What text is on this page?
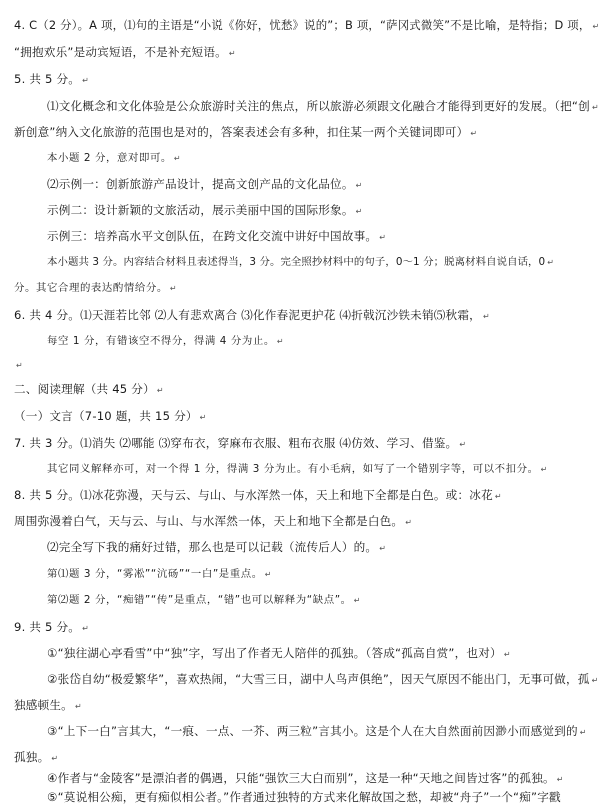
4. C（2 分）。A 项，⑴句的主语是“小说《你好，忧愁》说的”；B 项，“萨冈式微笑”不是比喻，是特指；D 项， ↵
“拥抱欢乐”是动宾短语，不是补充短语。 ↵
5. 共 5 分。 ↵
⑴文化概念和文化体验是公众旅游时关注的焦点，所以旅游必须跟文化融合才能得到更好的发展。（把“创 ↵
新创意”纳入文化旅游的范围也是对的，答案表述会有多种，扣住某一两个关键词即可） ↵
本小题 2 分，意对即可。 ↵
⑵示例一：创新旅游产品设计，提高文创产品的文化品位。 ↵
示例二：设计新颖的文旅活动，展示美丽中国的国际形象。 ↵
示例三：培养高水平文创队伍，在跨文化交流中讲好中国故事。 ↵
本小题共 3 分。内容结合材料且表述得当，3 分。完全照抄材料中的句子，0～1 分；脱离材料自说自话，0 ↵
分。其它合理的表达酌情给分。 ↵
6. 共 4 分。⑴天涯若比邻 ⑵人有悲欢离合 ⑶化作春泥更护花 ⑷折戟沉沙铁未销⑸秋霜， ↵
每空 1 分，有错该空不得分，得满 4 分为止。 ↵
↵
二、阅读理解（共 45 分） ↵
（一）文言（7-10 题，共 15 分） ↵
7. 共 3 分。⑴消失 ⑵哪能 ⑶穿布衣，穿麻布衣服、粗布衣服 ⑷仿效、学习、借鉴。 ↵
其它同义解释亦可，对一个得 1 分，得满 3 分为止。有小毛病，如写了一个错别字等，可以不扣分。 ↵
8. 共 5 分。⑴冰花弥漫，天与云、与山、与水浑然一体，天上和地下全都是白色。或：冰花 ↵
周围弥漫着白气，天与云、与山、与水浑然一体，天上和地下全都是白色。 ↵
⑵完全写下我的痛好过错，那么也是可以记载（流传后人）的。 ↵
第⑴题 3 分，“雾凇”“沆砀”“一白”是重点。 ↵
第⑵题 2 分，“痴错”“传”是重点，“错”也可以解释为“缺点”。 ↵
9. 共 5 分。 ↵
①“独往湖心亭看雪”中“独”字，写出了作者无人陪伴的孤独。（答成“孤高自赏”，也对） ↵
②张岱自幼“极爱繁华”，喜欢热闹，“大雪三日，湖中人鸟声俱绝”，因天气原因不能出门，无事可做，孤 ↵
独感顿生。 ↵
③“上下一白”言其大，“一痕、一点、一芥、两三粒”言其小。这是个人在大自然面前因渺小而感觉到的 ↵
孤独。 ↵
④作者与“金陵客”是漂泊者的偶遇，只能“强饮三大白而别”，这是一种“天地之间皆过客”的孤独。 ↵
⑤“莫说相公痴，更有痴似相公者。”作者通过独特的方式来化解故国之愁，却被“舟子”一个“痴”字戳
